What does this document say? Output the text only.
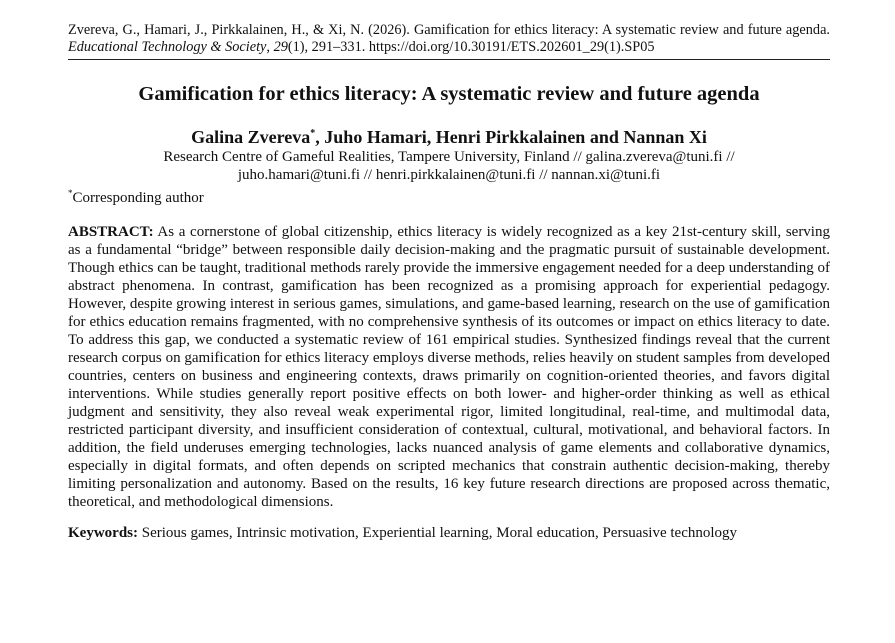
Zvereva, G., Hamari, J., Pirkkalainen, H., & Xi, N. (2026). Gamification for ethics literacy: A systematic review and future agenda. Educational Technology & Society, 29(1), 291–331. https://doi.org/10.30191/ETS.202601_29(1).SP05
Gamification for ethics literacy: A systematic review and future agenda
Galina Zvereva*, Juho Hamari, Henri Pirkkalainen and Nannan Xi
Research Centre of Gameful Realities, Tampere University, Finland // galina.zvereva@tuni.fi //
juho.hamari@tuni.fi // henri.pirkkalainen@tuni.fi // nannan.xi@tuni.fi
*Corresponding author
ABSTRACT: As a cornerstone of global citizenship, ethics literacy is widely recognized as a key 21st-century skill, serving as a fundamental “bridge” between responsible daily decision-making and the pragmatic pursuit of sustainable development. Though ethics can be taught, traditional methods rarely provide the immersive engagement needed for a deep understanding of abstract phenomena. In contrast, gamification has been recognized as a promising approach for experiential pedagogy. However, despite growing interest in serious games, simulations, and game-based learning, research on the use of gamification for ethics education remains fragmented, with no comprehensive synthesis of its outcomes or impact on ethics literacy to date. To address this gap, we conducted a systematic review of 161 empirical studies. Synthesized findings reveal that the current research corpus on gamification for ethics literacy employs diverse methods, relies heavily on student samples from developed countries, centers on business and engineering contexts, draws primarily on cognition-oriented theories, and favors digital interventions. While studies generally report positive effects on both lower- and higher-order thinking as well as ethical judgment and sensitivity, they also reveal weak experimental rigor, limited longitudinal, real-time, and multimodal data, restricted participant diversity, and insufficient consideration of contextual, cultural, motivational, and behavioral factors. In addition, the field underuses emerging technologies, lacks nuanced analysis of game elements and collaborative dynamics, especially in digital formats, and often depends on scripted mechanics that constrain authentic decision-making, thereby limiting personalization and autonomy. Based on the results, 16 key future research directions are proposed across thematic, theoretical, and methodological dimensions.
Keywords: Serious games, Intrinsic motivation, Experiential learning, Moral education, Persuasive technology
